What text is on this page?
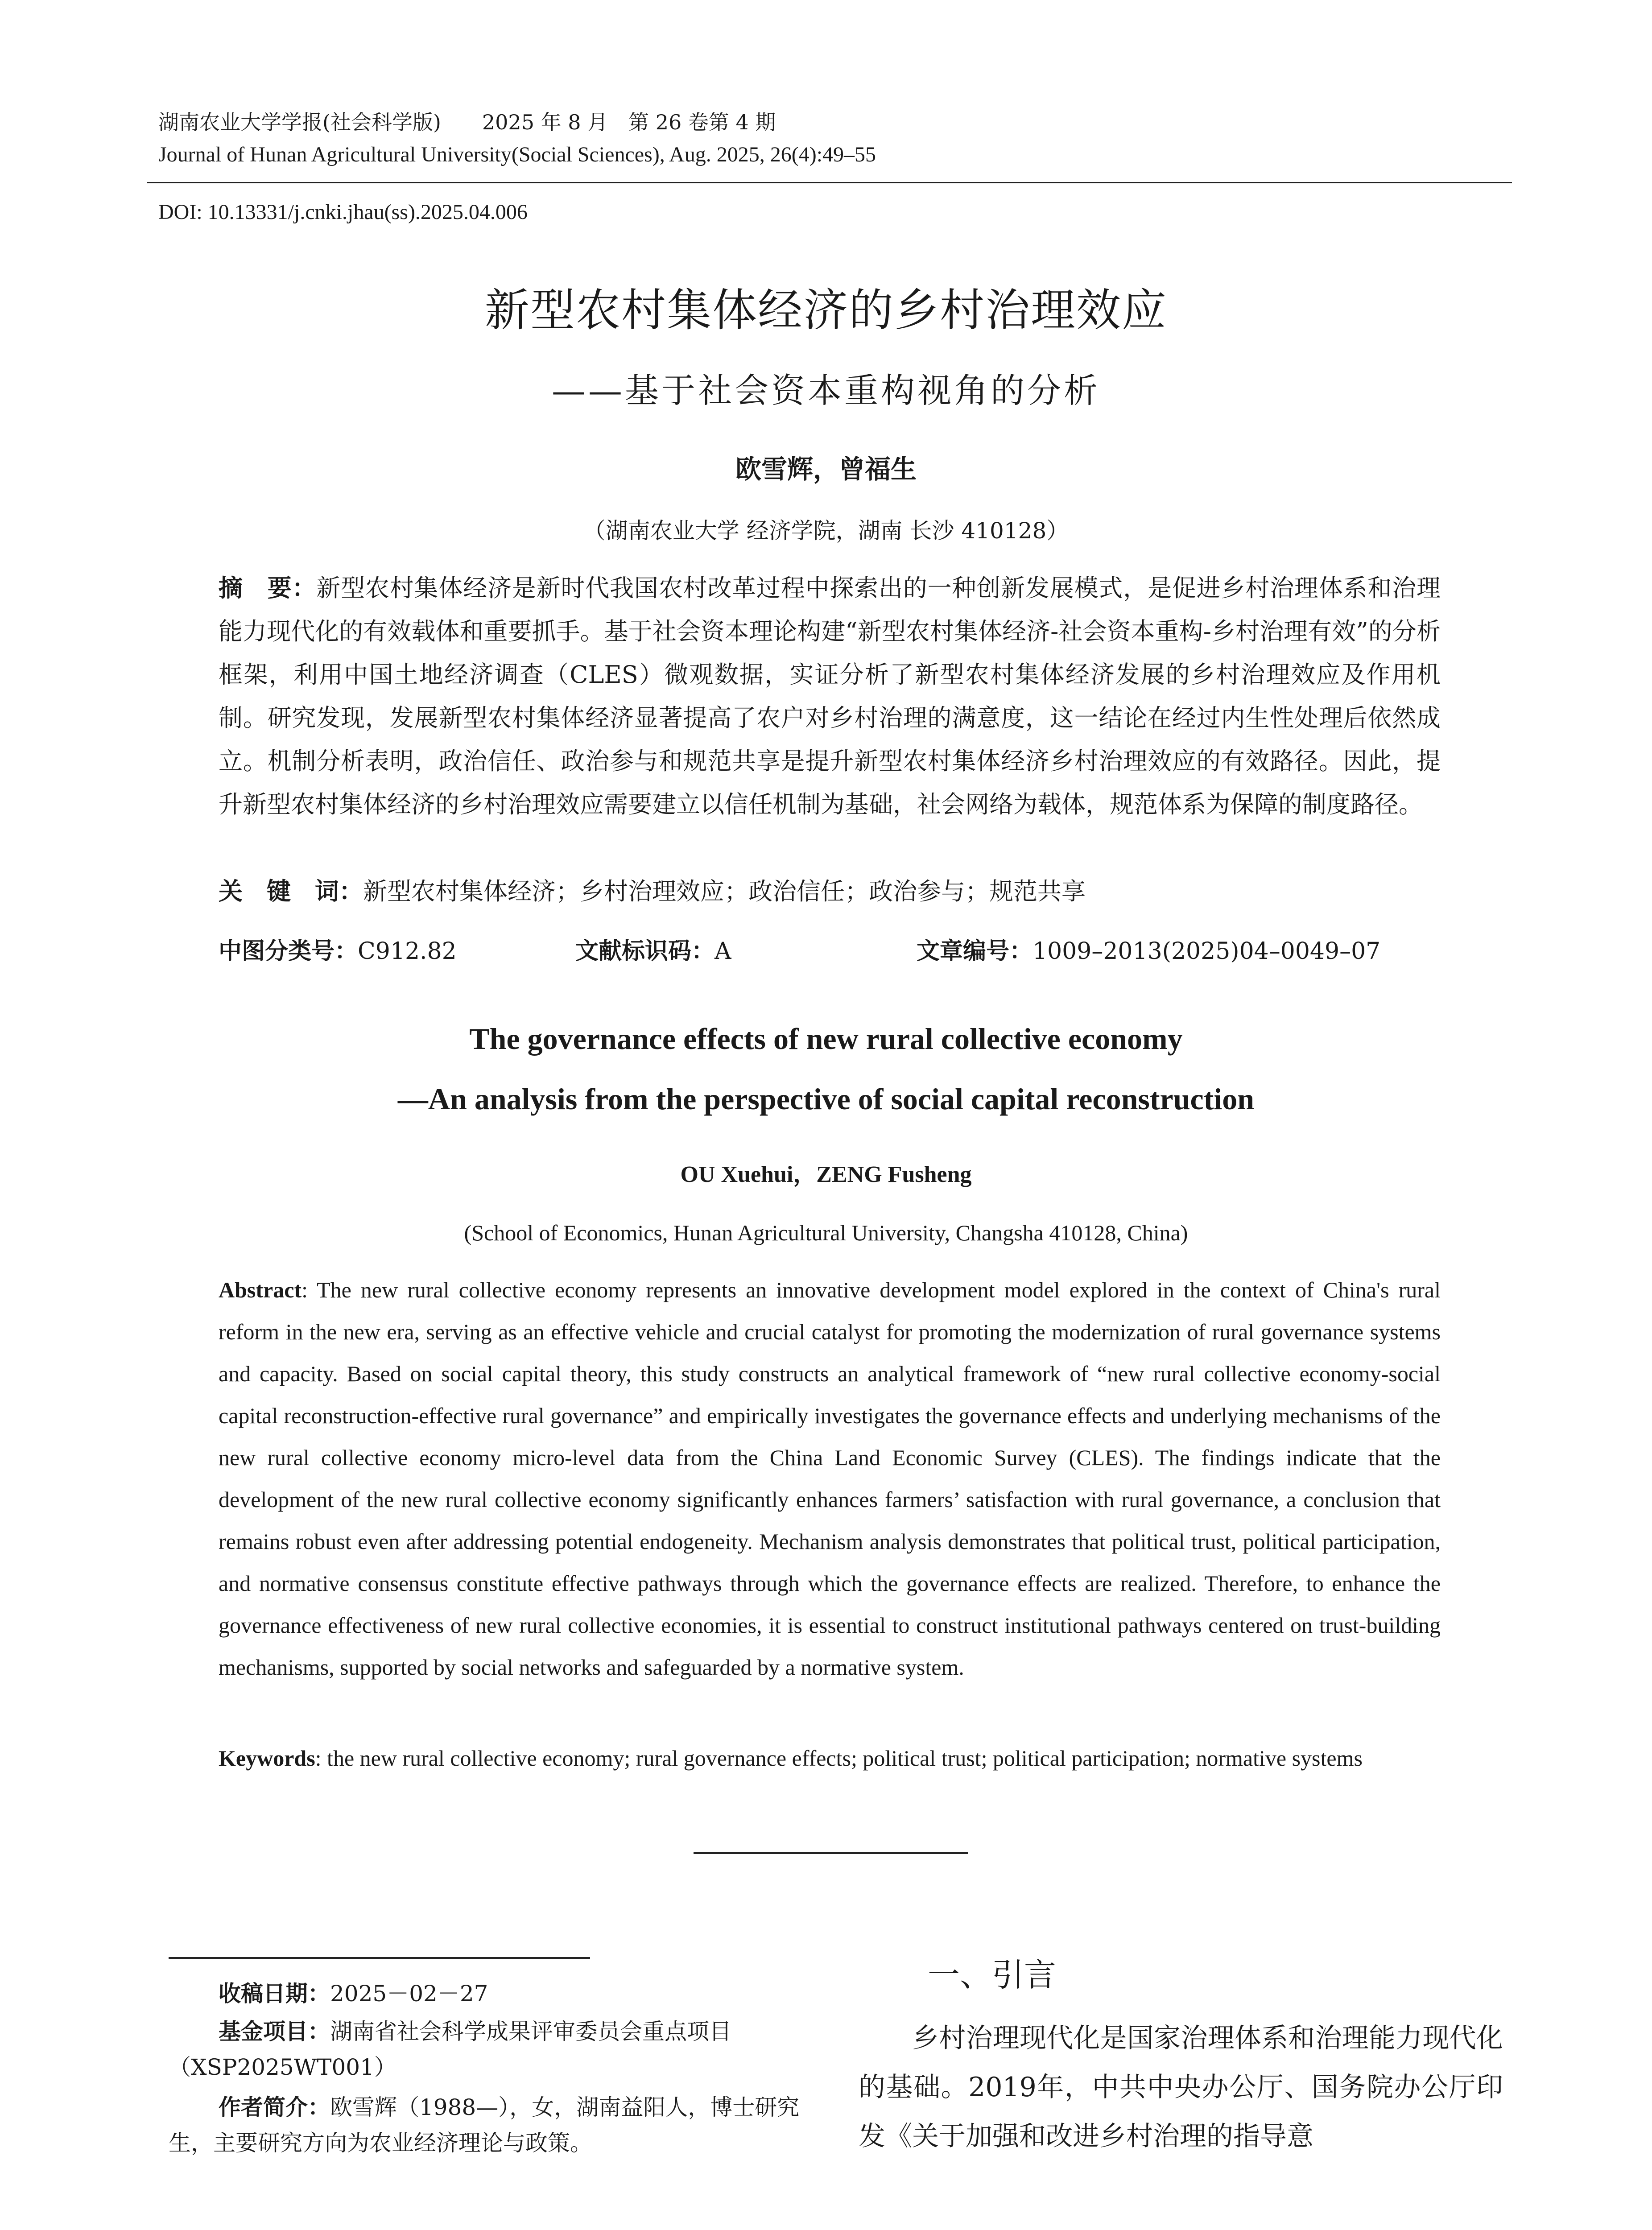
湖南农业大学学报(社会科学版)　　2025 年 8 月　第 26 卷第 4 期
Journal of Hunan Agricultural University(Social Sciences), Aug. 2025, 26(4):49–55
DOI: 10.13331/j.cnki.jhau(ss).2025.04.006
新型农村集体经济的乡村治理效应
——基于社会资本重构视角的分析
欧雪辉，曾福生
（湖南农业大学 经济学院，湖南 长沙 410128）
摘　要：新型农村集体经济是新时代我国农村改革过程中探索出的一种创新发展模式，是促进乡村治理体系和治理能力现代化的有效载体和重要抓手。基于社会资本理论构建“新型农村集体经济-社会资本重构-乡村治理有效”的分析框架，利用中国土地经济调查（CLES）微观数据，实证分析了新型农村集体经济发展的乡村治理效应及作用机制。研究发现，发展新型农村集体经济显著提高了农户对乡村治理的满意度，这一结论在经过内生性处理后依然成立。机制分析表明，政治信任、政治参与和规范共享是提升新型农村集体经济乡村治理效应的有效路径。因此，提升新型农村集体经济的乡村治理效应需要建立以信任机制为基础，社会网络为载体，规范体系为保障的制度路径。
关　键　词：新型农村集体经济；乡村治理效应；政治信任；政治参与；规范共享
中图分类号：C912.82	文献标识码：A	文章编号：1009–2013(2025)04–0049–07
The governance effects of new rural collective economy
—An analysis from the perspective of social capital reconstruction
OU Xuehui，ZENG Fusheng
(School of Economics, Hunan Agricultural University, Changsha 410128, China)
Abstract: The new rural collective economy represents an innovative development model explored in the context of China's rural reform in the new era, serving as an effective vehicle and crucial catalyst for promoting the modernization of rural governance systems and capacity. Based on social capital theory, this study constructs an analytical framework of “new rural collective economy-social capital reconstruction-effective rural governance” and empirically investigates the governance effects and underlying mechanisms of the new rural collective economy micro-level data from the China Land Economic Survey (CLES). The findings indicate that the development of the new rural collective economy significantly enhances farmers’ satisfaction with rural governance, a conclusion that remains robust even after addressing potential endogeneity. Mechanism analysis demonstrates that political trust, political participation, and normative consensus constitute effective pathways through which the governance effects are realized. Therefore, to enhance the governance effectiveness of new rural collective economies, it is essential to construct institutional pathways centered on trust-building mechanisms, supported by social networks and safeguarded by a normative system.
Keywords: the new rural collective economy; rural governance effects; political trust; political participation; normative systems
收稿日期：2025－02－27
基金项目：湖南省社会科学成果评审委员会重点项目（XSP2025WT001）
作者简介：欧雪辉（1988—），女，湖南益阳人，博士研究生，主要研究方向为农业经济理论与政策。
一、引言
乡村治理现代化是国家治理体系和治理能力现代化的基础。2019年，中共中央办公厅、国务院办公厅印发《关于加强和改进乡村治理的指导意
